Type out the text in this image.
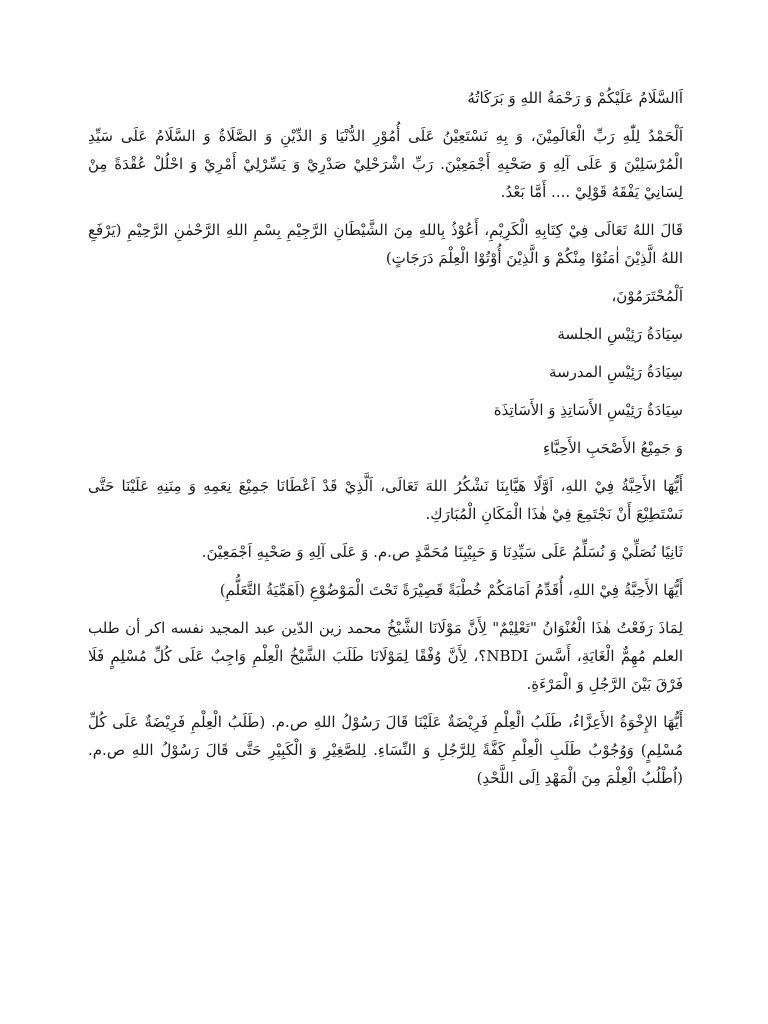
اَالسَّلَامُ عَلَيْكُمْ وَ رَحْمَةُ اللهِ وَ بَرَكَاتُهُ

اَلْحَمْدُ لِلّٰهِ رَبِّ الْعَالَمِيْنَ، وَ بِهِ نَسْتَعِيْنُ عَلَى أُمُوْرِ الدُّنْيَا وَ الدِّيْنِ وَ الصَّلَاةُ وَ السَّلَامُ عَلَى سَيِّدِ الْمُرْسَلِيْنَ وَ عَلَى آلِهِ وَ صَحْبِهِ أَجْمَعِيْنَ. رَبِّ اشْرَحْلِيْ صَدْرِيْ وَ يَسِّرْلِيْ أَمْرِيْ وَ احْلُلْ عُقْدَةً مِنْ لِسَانِيْ يَفْقَهُ قَوْلِيْ .... أَمَّا بَعْدُ.

قَالَ اللهُ تَعَالَى فِيْ كِتَابِهِ الْكَرِيْمِ، أَعُوْذُ بِاللهِ مِنَ الشَّيْطَانِ الرَّجِيْمِ بِسْمِ اللهِ الرَّحْمٰنِ الرَّحِيْمِ (يَرْفَعِ اللهُ الَّذِيْنَ اٰمَنُوْا مِنْكُمْ وَ الَّذِيْنَ أُوْتُوْا الْعِلْمَ دَرَجَاتٍ)

اَلْمُحْتَرَمُوْنَ،

سِيَادَةُ رَئِيْسِ الجلسة

سِيَادَةُ رَئِيْسِ المدرسة

سِيَادَةُ رَئِيْسِ الأَسَاتِذِ وَ الأَسَاتِذَة

وَ جَمِيْعُ الأَصْحَبِ الأَحِبَّاءِ

أَيُّهَا الأَحِبَّةُ فِيْ اللهِ، اَوَّلًا هَيَّابِنَا نَشْكُرُ اللهَ تَعَالَى، اَلَّذِيْ قَدْ اَعْطَانَا جَمِيْعَ نِعَمِهِ وَ مِنَنِهِ عَلَيْنَا حَتَّى نَسْتَطِيْعَ أَنْ نَجْتَمِعَ فِيْ هٰذَا الْمَكَانِ الْمُبَارَكِ.

ثَانِيًا نُصَلِّيْ وَ نُسَلِّمُ عَلَى سَيِّدِنَا وَ حَبِيْبِنَا مُحَمَّدٍ ص.م. وَ عَلَى آلِهِ وَ صَحْبِهِ اَجْمَعِيْنَ.

أَيُّهَا الأَحِبَّةُ فِيْ اللهِ، أُقَدِّمُ اَمَامَكُمْ خُطْبَةً قَصِيْرَةً تَحْتَ الْمَوْضُوْعِ (اَهَمِّيَةُ التَّعَلُّمِ)

لِمَاذَ رَفَعْتُ هٰذَا الْعُنْوَانُ "تَعْلِيْمٌ" لِأَنَّ مَوْلَانَا الشَّيْخُ محمد زين الدّين عبد المجيد نفسه اكر أن طلب العلم مُهِمٌّ الْغَايَةِ، أَسَّسَ NBDI؟، لِأَنَّ وُفْقًا لِمَوْلَانَا طَلَبَ الشَّيْخُ الْعِلْمِ وَاجِبٌ عَلَى كُلِّ مُسْلِمٍ فَلَا فَرْقَ بَيْنَ الرَّجُلِ وَ الْمَرْءَةِ.

أَيُّهَا الإِخْوَةُ الأَعِزَّاءُ، طَلَبُ الْعِلْمِ فَرِيْضَةٌ عَلَيْنَا قَالَ رَسُوْلُ اللهِ ص.م. (طَلَبُ الْعِلْمِ فَرِيْضَةٌ عَلَى كُلِّ مُسْلِمٍ) وَوُجُوْبُ طَلَبِ الْعِلْمِ كَفَّةً لِلرَّجُلِ وَ النِّسَاءِ. لِلصَّغِيْرِ وَ الْكَبِيْرِ حَتَّى قَالَ رَسُوْلُ اللهِ ص.م. (اُطْلُبُ الْعِلْمَ مِنَ الْمَهْدِ اِلَى اللَّحْدِ)
